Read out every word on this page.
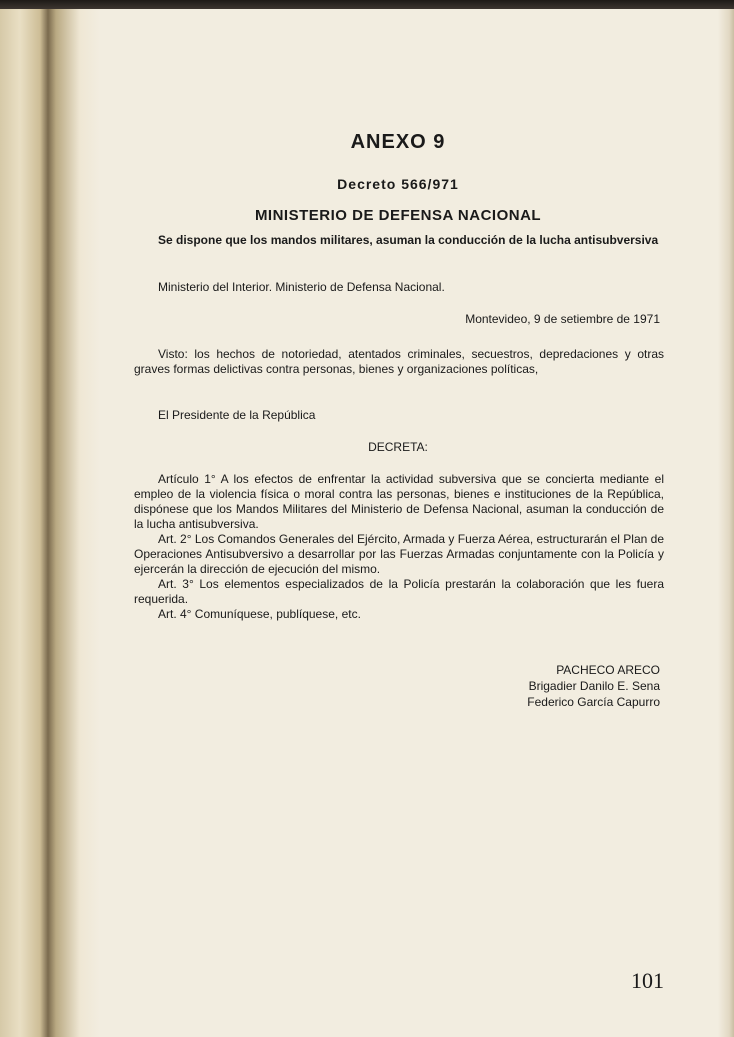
ANEXO 9
Decreto 566/971
MINISTERIO DE DEFENSA NACIONAL
Se dispone que los mandos militares, asuman la conducción de la lucha antisubversiva
Ministerio del Interior. Ministerio de Defensa Nacional.
Montevideo, 9 de setiembre de 1971

Visto: los hechos de notoriedad, atentados criminales, secuestros, depredaciones y otras graves formas delictivas contra personas, bienes y organizaciones políticas,

El Presidente de la República

DECRETA:

Artículo 1° A los efectos de enfrentar la actividad subversiva que se concierta mediante el empleo de la violencia física o moral contra las personas, bienes e instituciones de la República, dispónese que los Mandos Militares del Ministerio de Defensa Nacional, asuman la conducción de la lucha antisubversiva.

Art. 2° Los Comandos Generales del Ejército, Armada y Fuerza Aérea, estructurarán el Plan de Operaciones Antisubversivo a desarrollar por las Fuerzas Armadas conjuntamente con la Policía y ejercerán la dirección de ejecución del mismo.

Art. 3° Los elementos especializados de la Policía prestarán la colaboración que les fuera requerida.

Art. 4° Comuníquese, publíquese, etc.

PACHECO ARECO
Brigadier Danilo E. Sena
Federico García Capurro
101
